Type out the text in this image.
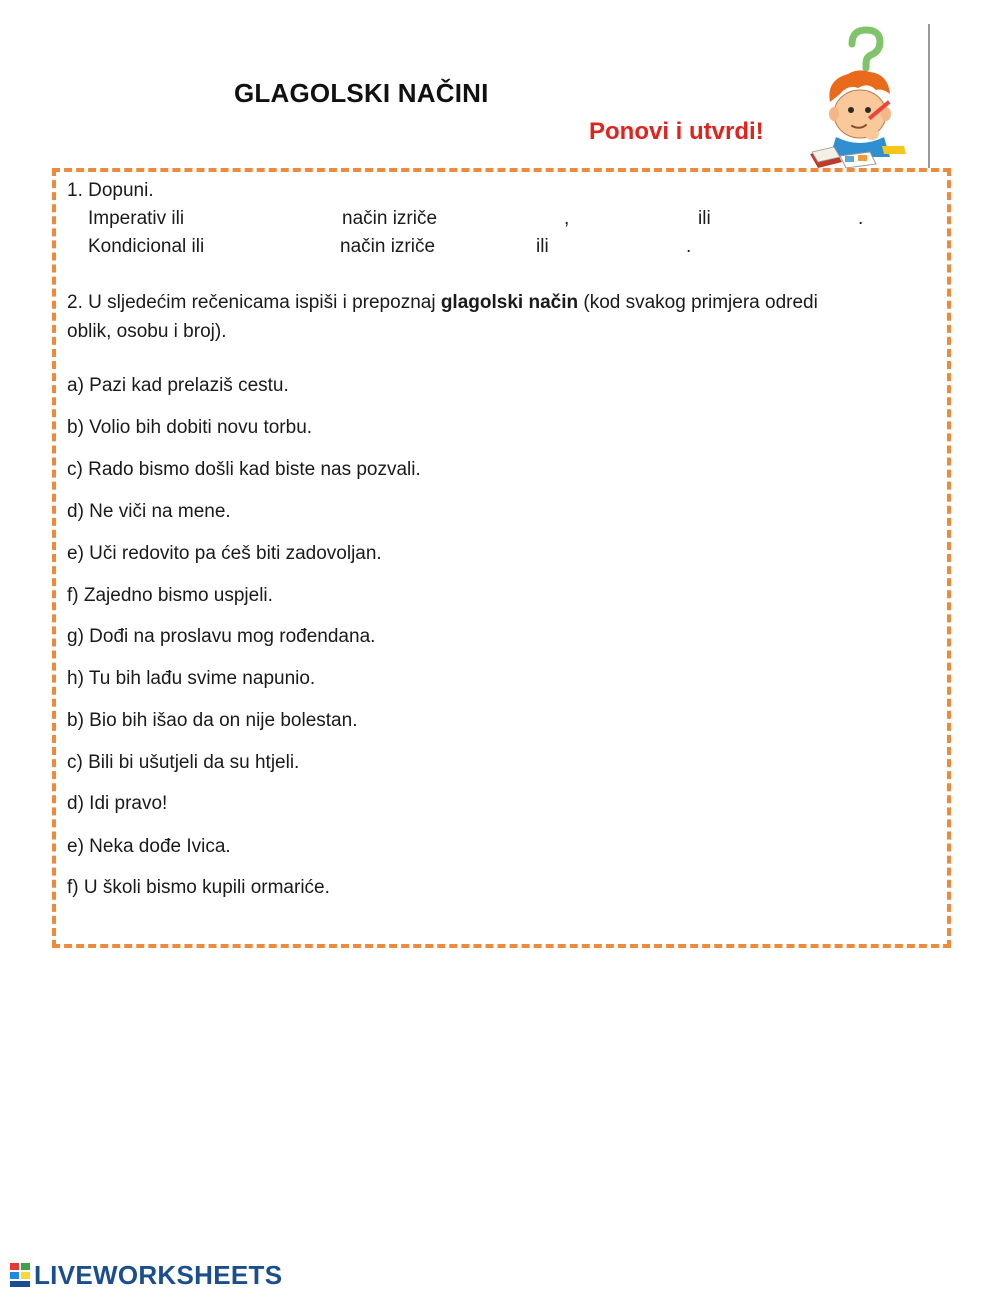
GLAGOLSKI NAČINI
Ponovi i utvrdi!
1. Dopuni.
Imperativ ili	način izriče	,	ili	.
Kondicional ili	način izriče	ili	.
2. U sljedećim rečenicama ispiši i prepoznaj glagolski način (kod svakog primjera odredi
oblik, osobu i broj).
a) Pazi kad prelaziš cestu.
b) Volio bih dobiti novu torbu.
c) Rado bismo došli kad biste nas pozvali.
d) Ne viči na mene.
e) Uči redovito pa ćeš biti zadovoljan.
f) Zajedno bismo uspjeli.
g) Dođi na proslavu mog rođendana.
h) Tu bih lađu svime napunio.
b) Bio bih išao da on nije bolestan.
c) Bili bi ušutjeli da su htjeli.
d) Idi pravo!
e) Neka dođe Ivica.
f) U školi bismo kupili ormariće.
LIVEWORKSHEETS
